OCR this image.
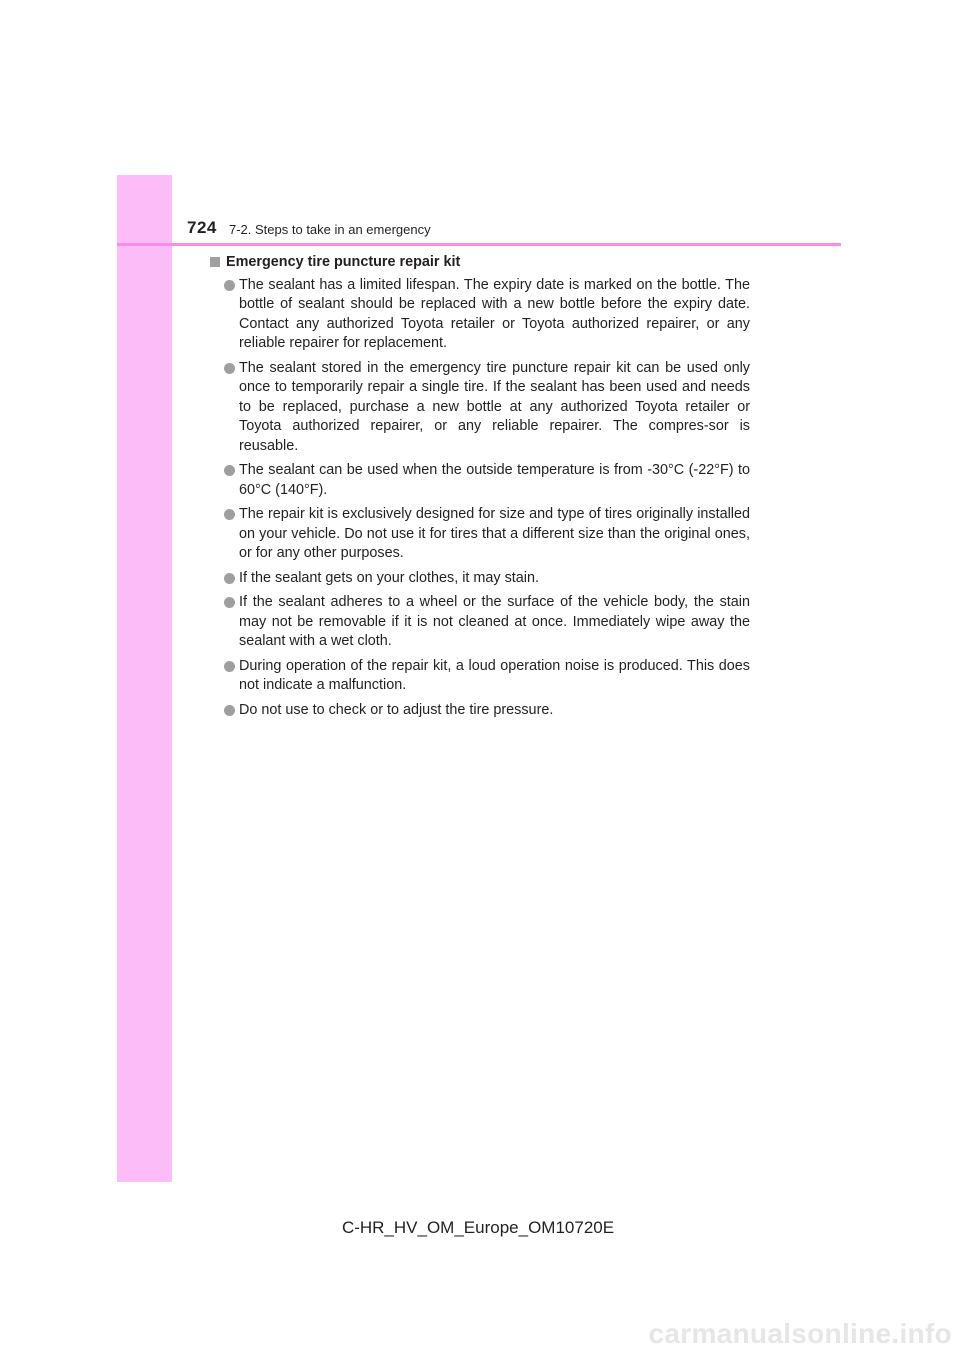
724 7-2. Steps to take in an emergency
Emergency tire puncture repair kit
The sealant has a limited lifespan. The expiry date is marked on the bottle. The bottle of sealant should be replaced with a new bottle before the expiry date. Contact any authorized Toyota retailer or Toyota authorized repairer, or any reliable repairer for replacement.
The sealant stored in the emergency tire puncture repair kit can be used only once to temporarily repair a single tire. If the sealant has been used and needs to be replaced, purchase a new bottle at any authorized Toyota retailer or Toyota authorized repairer, or any reliable repairer. The compres-sor is reusable.
The sealant can be used when the outside temperature is from -30°C (-22°F) to 60°C (140°F).
The repair kit is exclusively designed for size and type of tires originally installed on your vehicle. Do not use it for tires that a different size than the original ones, or for any other purposes.
If the sealant gets on your clothes, it may stain.
If the sealant adheres to a wheel or the surface of the vehicle body, the stain may not be removable if it is not cleaned at once. Immediately wipe away the sealant with a wet cloth.
During operation of the repair kit, a loud operation noise is produced. This does not indicate a malfunction.
Do not use to check or to adjust the tire pressure.
C-HR_HV_OM_Europe_OM10720E
carmanualsonline.info
